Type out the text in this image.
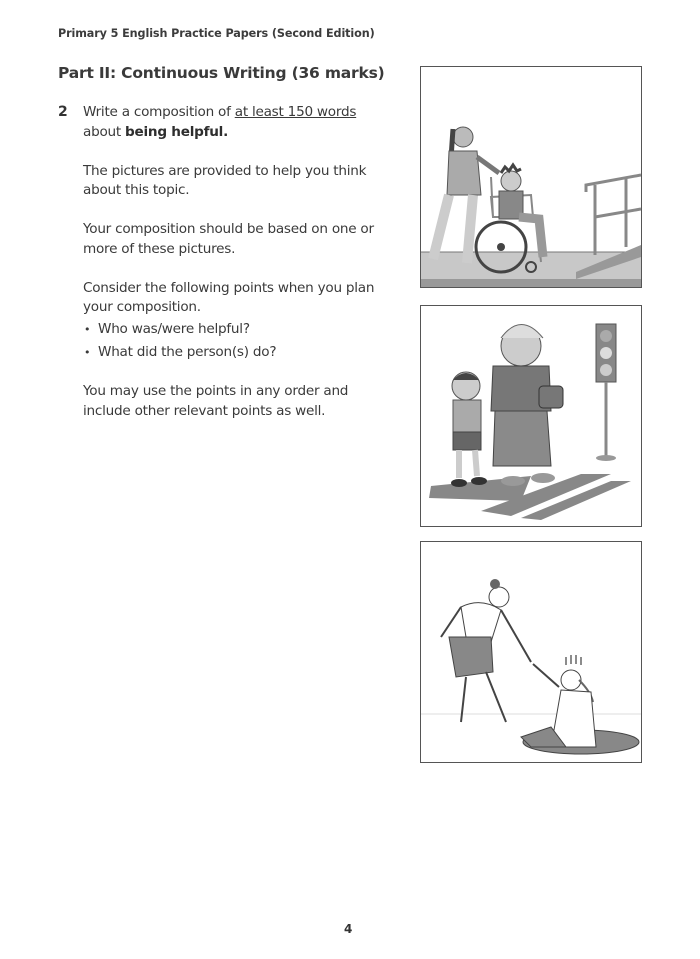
Primary 5 English Practice Papers (Second Edition)
Part II: Continuous Writing (36 marks)
2 Write a composition of at least 150 words
about being helpful.

The pictures are provided to help you think about this topic.

Your composition should be based on one or more of these pictures.

Consider the following points when you plan your composition.

• Who was/were helpful?
• What did the person(s) do?

You may use the points in any order and include other relevant points as well.

4
